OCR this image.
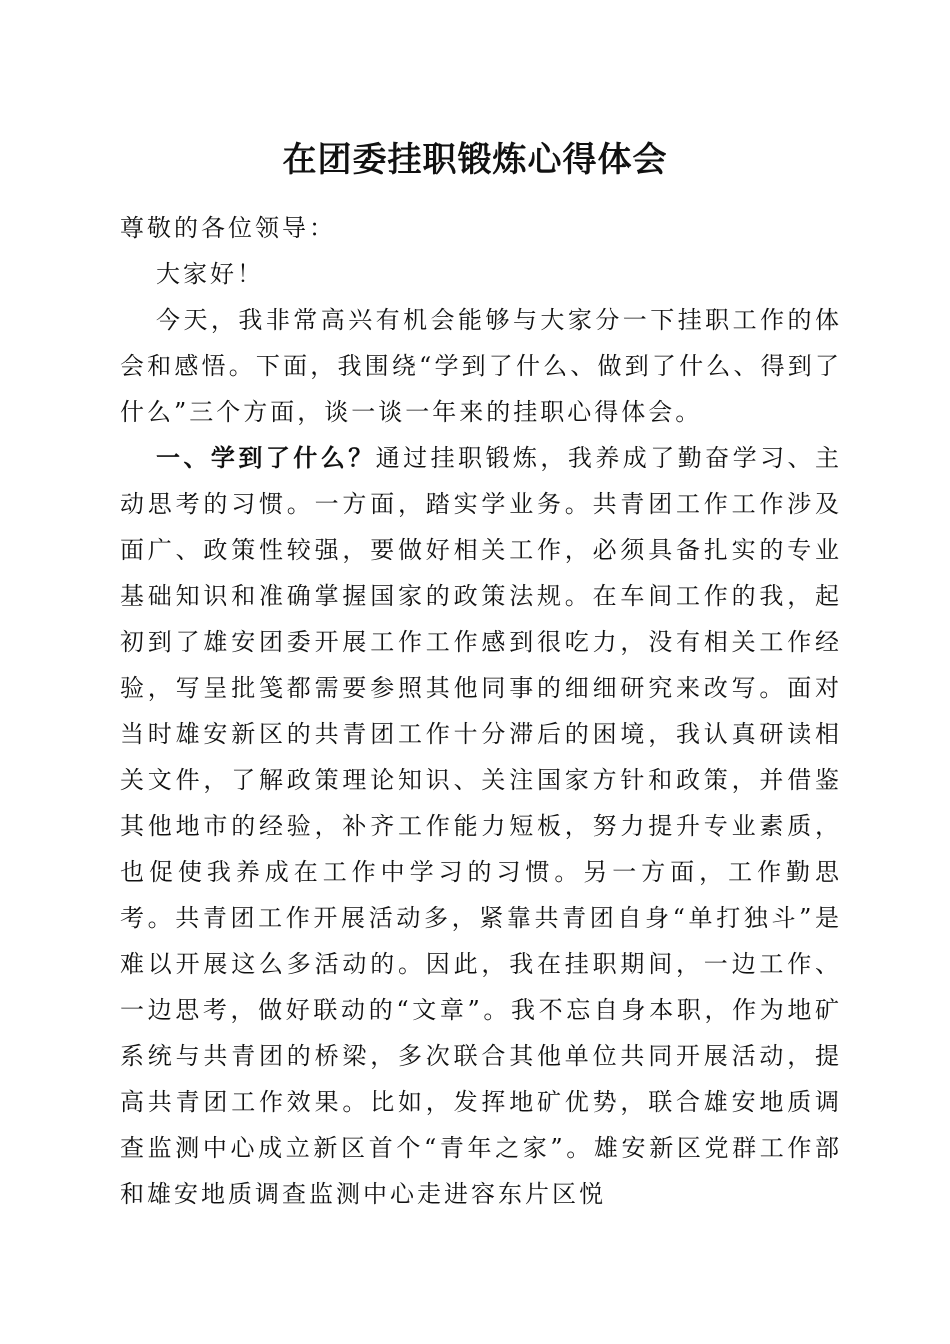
在团委挂职锻炼心得体会

尊敬的各位领导：

大家好！

今天，我非常高兴有机会能够与大家分一下挂职工作的体会和感悟。下面，我围绕“学到了什么、做到了什么、得到了什么”三个方面，谈一谈一年来的挂职心得体会。

一、学到了什么？通过挂职锻炼，我养成了勤奋学习、主动思考的习惯。一方面，踏实学业务。共青团工作工作涉及面广、政策性较强，要做好相关工作，必须具备扎实的专业基础知识和准确掌握国家的政策法规。在车间工作的我，起初到了雄安团委开展工作工作感到很吃力，没有相关工作经验，写呈批笺都需要参照其他同事的细细研究来改写。面对当时雄安新区的共青团工作十分滞后的困境，我认真研读相关文件，了解政策理论知识、关注国家方针和政策，并借鉴其他地市的经验，补齐工作能力短板，努力提升专业素质，也促使我养成在工作中学习的习惯。另一方面，工作勤思考。共青团工作开展活动多，紧靠共青团自身“单打独斗”是难以开展这么多活动的。因此，我在挂职期间，一边工作、一边思考，做好联动的“文章”。我不忘自身本职，作为地矿系统与共青团的桥梁，多次联合其他单位共同开展活动，提高共青团工作效果。比如，发挥地矿优势，联合雄安地质调查监测中心成立新区首个“青年之家”。雄安新区党群工作部和雄安地质调查监测中心走进容东片区悦
